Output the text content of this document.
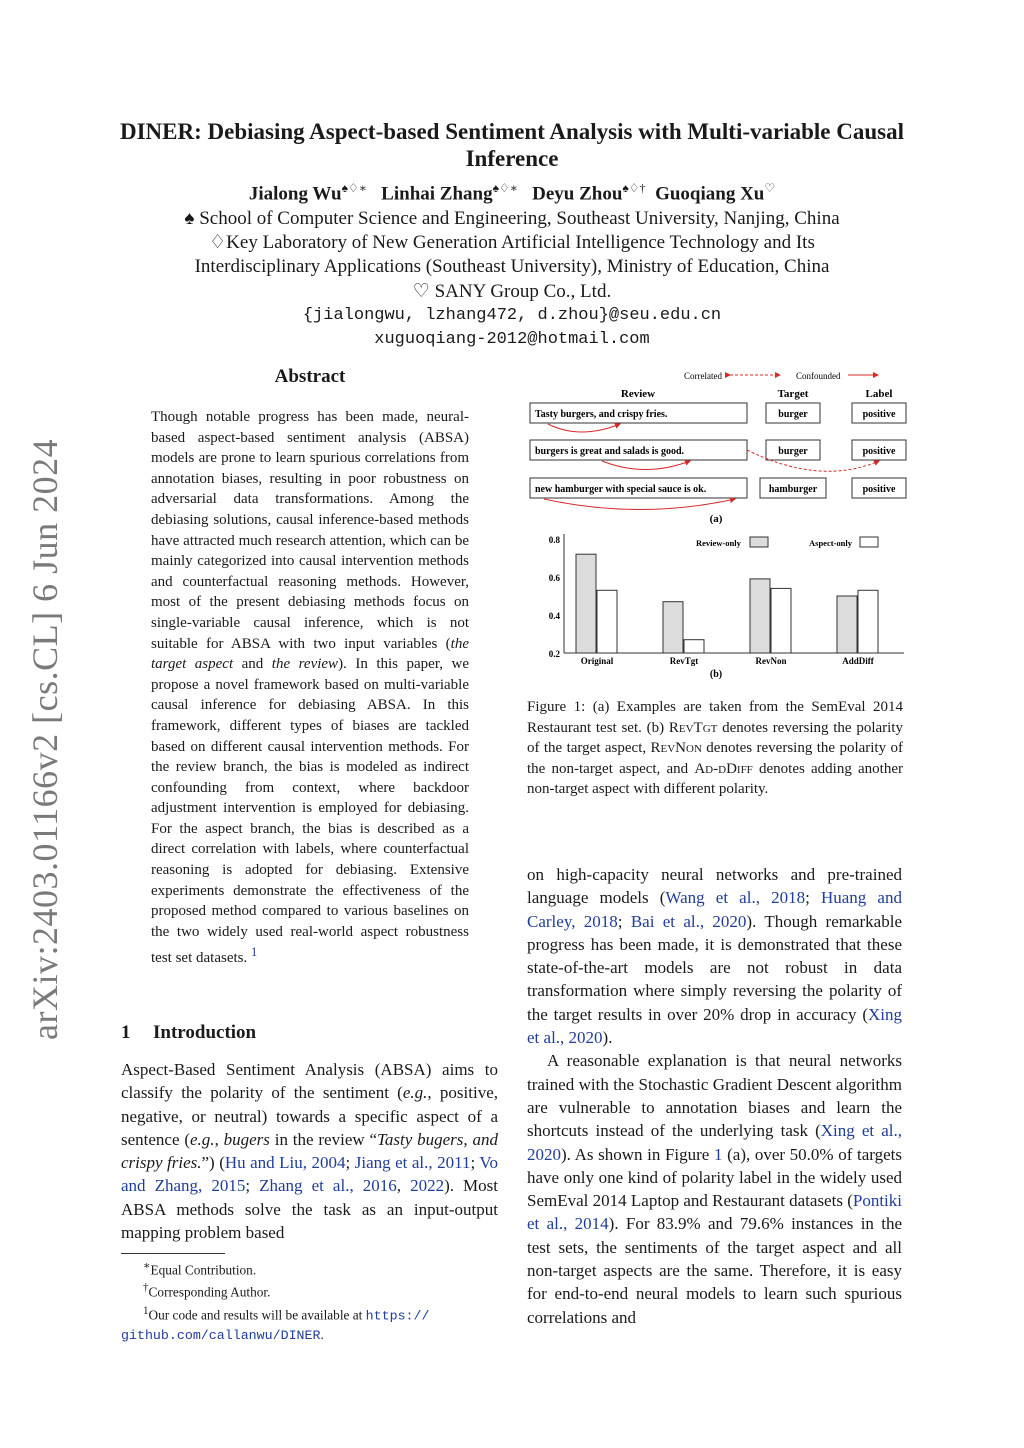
arXiv:2403.01166v2 [cs.CL] 6 Jun 2024
DINER: Debiasing Aspect-based Sentiment Analysis with Multi-variable Causal Inference
Jialong Wu♠♢∗ Linhai Zhang♠♢∗ Deyu Zhou♠♢† Guoqiang Xu♡
♠ School of Computer Science and Engineering, Southeast University, Nanjing, China
♢Key Laboratory of New Generation Artificial Intelligence Technology and Its
Interdisciplinary Applications (Southeast University), Ministry of Education, China
♡ SANY Group Co., Ltd.
{jialongwu, lzhang472, d.zhou}@seu.edu.cn
xuguoqiang-2012@hotmail.com
Abstract
Though notable progress has been made, neural-based aspect-based sentiment analysis (ABSA) models are prone to learn spurious correlations from annotation biases, resulting in poor robustness on adversarial data transformations. Among the debiasing solutions, causal inference-based methods have attracted much research attention, which can be mainly categorized into causal intervention methods and counterfactual reasoning methods. However, most of the present debiasing methods focus on single-variable causal inference, which is not suitable for ABSA with two input variables (the target aspect and the review). In this paper, we propose a novel framework based on multi-variable causal inference for debiasing ABSA. In this framework, different types of biases are tackled based on different causal intervention methods. For the review branch, the bias is modeled as indirect confounding from context, where backdoor adjustment intervention is employed for debiasing. For the aspect branch, the bias is described as a direct correlation with labels, where counterfactual reasoning is adopted for debiasing. Extensive experiments demonstrate the effectiveness of the proposed method compared to various baselines on the two widely used real-world aspect robustness test set datasets. $^1$
1 Introduction
Aspect-Based Sentiment Analysis (ABSA) aims to classify the polarity of the sentiment (e.g., positive, negative, or neutral) towards a specific aspect of a sentence (e.g., bugers in the review “Tasty bugers, and crispy fries.”) (Hu and Liu, 2004; Jiang et al., 2011; Vo and Zhang, 2015; Zhang et al., 2016, 2022). Most ABSA methods solve the task as an input-output mapping problem based
∗Equal Contribution.
†Corresponding Author.
$^1$Our code and results will be available at https://
github.com/callanwu/DINER.
Correlated	Confounded
Review	Target	Label
Tasty burgers, and crispy fries.	burger	positive
burgers is great and salads is good.	burger	positive
new hamburger with special sauce is ok.	hamburger	positive
(a)
0.8
0.6
0.4
0.2
Review-only	Aspect-only
Original	RevTgt	RevNon	AddDiff
(b)
Figure 1: (a) Examples are taken from the SemEval 2014 Restaurant test set. (b) RevTgt denotes reversing the polarity of the target aspect, RevNon denotes reversing the polarity of the non-target aspect, and Ad-dDiff denotes adding another non-target aspect with different polarity.

on high-capacity neural networks and pre-trained language models (Wang et al., 2018; Huang and Carley, 2018; Bai et al., 2020). Though remarkable progress has been made, it is demonstrated that these state-of-the-art models are not robust in data transformation where simply reversing the polarity of the target results in over 20% drop in accuracy (Xing et al., 2020).

A reasonable explanation is that neural networks trained with the Stochastic Gradient Descent algorithm are vulnerable to annotation biases and learn the shortcuts instead of the underlying task (Xing et al., 2020). As shown in Figure 1 (a), over 50.0% of targets have only one kind of polarity label in the widely used SemEval 2014 Laptop and Restaurant datasets (Pontiki et al., 2014). For 83.9% and 79.6% instances in the test sets, the sentiments of the target aspect and all non-target aspects are the same. Therefore, it is easy for end-to-end neural models to learn such spurious correlations and
